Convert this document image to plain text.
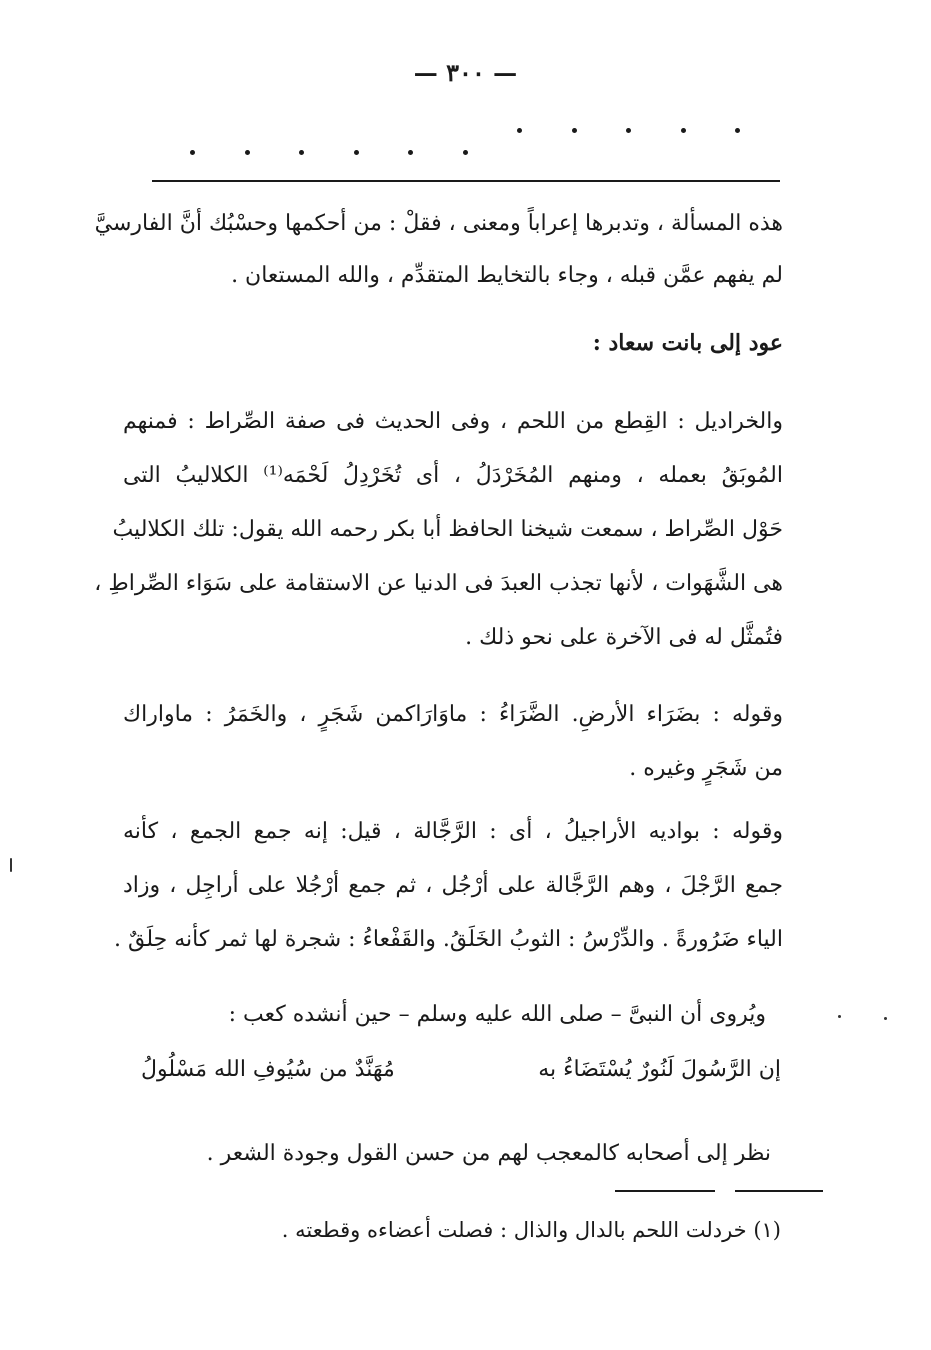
— ٣٠٠ —
هذه المسألة ، وتدبرها إعراباً ومعنى ، فقلْ : من أحكمها وحسْبُك أنَّ الفارسيَّ
لم يفهم عمَّن قبله ، وجاء بالتخايط المتقدِّم ، والله المستعان .
عود إلى بانت سعاد :
والخراديل : القِطع من اللحم ، وفى الحديث فى صفة الصِّراط : فمنهم
المُوبَقُ بعمله ، ومنهم المُخَرْدَلُ ، أى تُخَرْدِلُ لَحْمَه⁽¹⁾ الكلاليبُ التى
حَوْل الصِّراط ، سمعت شيخنا الحافظ أبا بكر رحمه الله يقول: تلك الكلاليبُ
هى الشَّهَوات ، لأنها تجذب العبدَ فى الدنيا عن الاستقامة على سَوَاء الصِّراطِ ،
فتُمثَّل له فى الآخرة على نحو ذلك .
وقوله : بضَرَاء الأرضِ. الضَّرَاءُ : ماوَارَاكمن شَجَرٍ ، والخَمَرُ : ماواراك
من شَجَرٍ وغيره .
وقوله : بواديه الأراجيلُ ، أى : الرَّجَّالة ، قيل: إنه جمع الجمع ، كأنه
جمع الرَّجْلَ ، وهم الرَّجَّالة على أرْجُل ، ثم جمع أرْجُلا على أراجِل ، وزاد
الياء ضَرُورةً . والدِّرْسُ : الثوبُ الخَلَقُ. والقَفْعاءُ : شجرة لها ثمر كأنه حِلَقٌ .
ويُروى أن النبىَّ – صلى الله عليه وسلم – حين أنشده كعب :
إن الرَّسُولَ لَنُورٌ يُسْتَضَاءُ به
مُهَنَّدٌ من سُيُوفِ الله مَسْلُولُ
نظر إلى أصحابه كالمعجب لهم من حسن القول وجودة الشعر .
(١) خردلت اللحم بالدال والذال : فصلت أعضاءه وقطعته .
